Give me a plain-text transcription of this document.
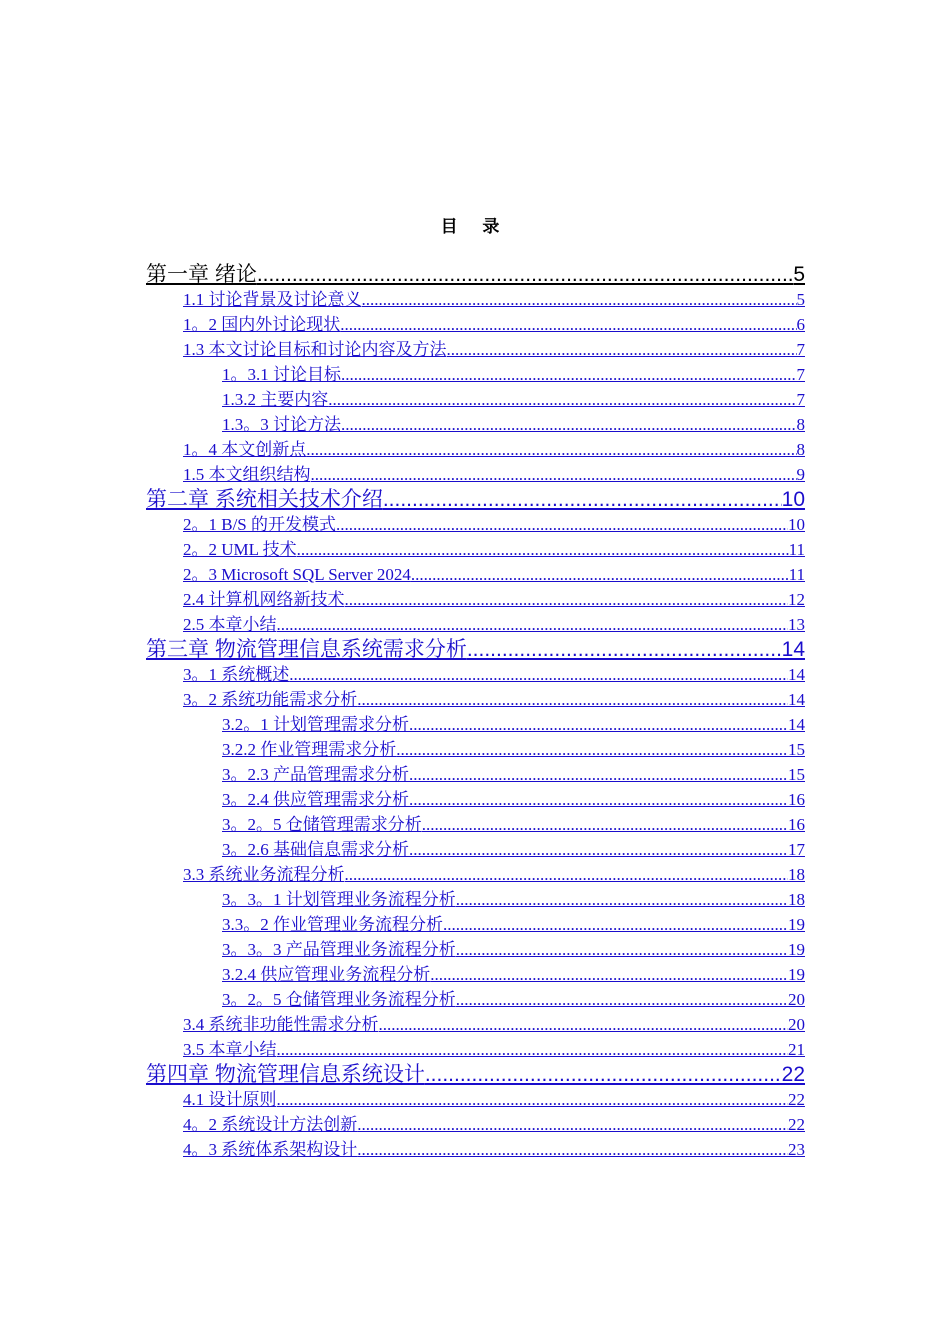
目 录
第一章 绪论 .....	5
1.1 讨论背景及讨论意义 .....	5
1。2 国内外讨论现状 .....	6
1.3 本文讨论目标和讨论内容及方法 .....	7
1。3.1 讨论目标 .....	7
1.3.2 主要内容 .....	7
1.3。3 讨论方法 .....	8
1。4 本文创新点 .....	8
1.5 本文组织结构 .....	9
第二章 系统相关技术介绍 .....	10
2。1 B/S 的开发模式 .....	10
2。2 UML 技术 .....	11
2。3 Microsoft SQL Server 2024 .....	11
2.4 计算机网络新技术 .....	12
2.5 本章小结 .....	13
第三章 物流管理信息系统需求分析 .....	14
3。1 系统概述 .....	14
3。2 系统功能需求分析 .....	14
3.2。1 计划管理需求分析 .....	14
3.2.2 作业管理需求分析 .....	15
3。2.3 产品管理需求分析 .....	15
3。2.4 供应管理需求分析 .....	16
3。2。5 仓储管理需求分析 .....	16
3。2.6 基础信息需求分析 .....	17
3.3 系统业务流程分析 .....	18
3。3。1 计划管理业务流程分析 .....	18
3.3。2 作业管理业务流程分析 .....	19
3。3。3 产品管理业务流程分析 .....	19
3.2.4 供应管理业务流程分析 .....	19
3。2。5 仓储管理业务流程分析 .....	20
3.4 系统非功能性需求分析 .....	20
3.5 本章小结 .....	21
第四章 物流管理信息系统设计 .....	22
4.1 设计原则 .....	22
4。2 系统设计方法创新 .....	22
4。3 系统体系架构设计 .....	23
